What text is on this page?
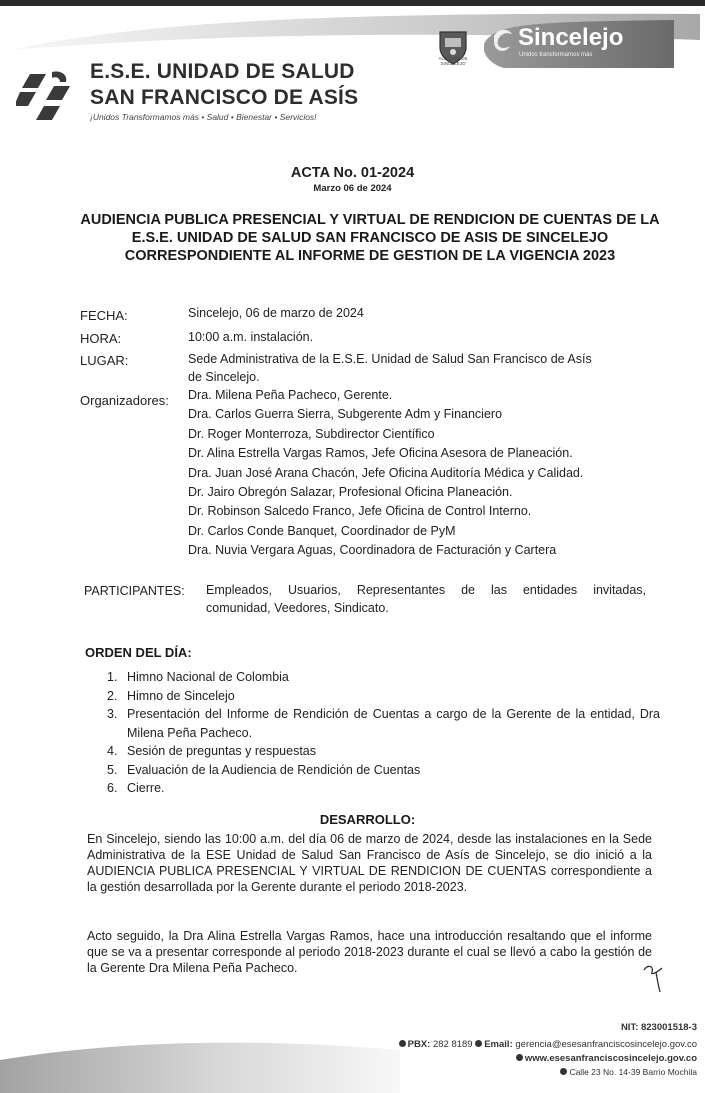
E.S.E. UNIDAD DE SALUD
SAN FRANCISCO DE ASÍS
¡Unidos Transformamos más • Salud • Bienestar • Servicios!
ALCALDÍA DE SINCELEJO
Sincelejo
Unidos transformamos más
ACTA No. 01-2024
Marzo 06 de 2024
AUDIENCIA PUBLICA PRESENCIAL Y VIRTUAL DE RENDICION DE CUENTAS DE LA E.S.E. UNIDAD DE SALUD SAN FRANCISCO DE ASIS DE SINCELEJO CORRESPONDIENTE AL INFORME DE GESTION DE LA VIGENCIA 2023
FECHA:	Sincelejo, 06 de marzo de 2024
HORA:	10:00 a.m. instalación.
LUGAR:	Sede Administrativa de la E.S.E. Unidad de Salud San Francisco de Asís
de Sincelejo.
Organizadores: Dra. Milena Peña Pacheco, Gerente.
Dra. Carlos Guerra Sierra, Subgerente Adm y Financiero
Dr. Roger Monterroza, Subdirector Científico
Dr. Alina Estrella Vargas Ramos, Jefe Oficina Asesora de Planeación.
Dra. Juan José Arana Chacón, Jefe Oficina Auditoría Médica y Calidad.
Dr. Jairo Obregón Salazar, Profesional Oficina Planeación.
Dr. Robinson Salcedo Franco, Jefe Oficina de Control Interno.
Dr. Carlos Conde Banquet, Coordinador de PyM
Dra. Nuvia Vergara Aguas, Coordinadora de Facturación y Cartera
PARTICIPANTES: Empleados, Usuarios, Representantes de las entidades invitadas,
comunidad, Veedores, Sindicato.
ORDEN DEL DÍA:
1. Himno Nacional de Colombia
2. Himno de Sincelejo
3. Presentación del Informe de Rendición de Cuentas a cargo de la Gerente de la entidad, Dra Milena Peña Pacheco.
4. Sesión de preguntas y respuestas
5. Evaluación de la Audiencia de Rendición de Cuentas
6. Cierre.
DESARROLLO:
En Sincelejo, siendo las 10:00 a.m. del día 06 de marzo de 2024, desde las instalaciones en la Sede Administrativa de la ESE Unidad de Salud San Francisco de Asís de Sincelejo, se dio inició a la AUDIENCIA PUBLICA PRESENCIAL Y VIRTUAL DE RENDICION DE CUENTAS correspondiente a la gestión desarrollada por la Gerente durante el periodo 2018-2023.
Acto seguido, la Dra Alina Estrella Vargas Ramos, hace una introducción resaltando que el informe que se va a presentar corresponde al periodo 2018-2023 durante el cual se llevó a cabo la gestión de la Gerente Dra Milena Peña Pacheco.
NIT: 823001518-3
PBX: 282 8189 Email: gerencia@esesanfranciscosincelejo.gov.co
www.esesanfranciscosincelejo.gov.co
Calle 23 No. 14-39 Barrio Mochila
